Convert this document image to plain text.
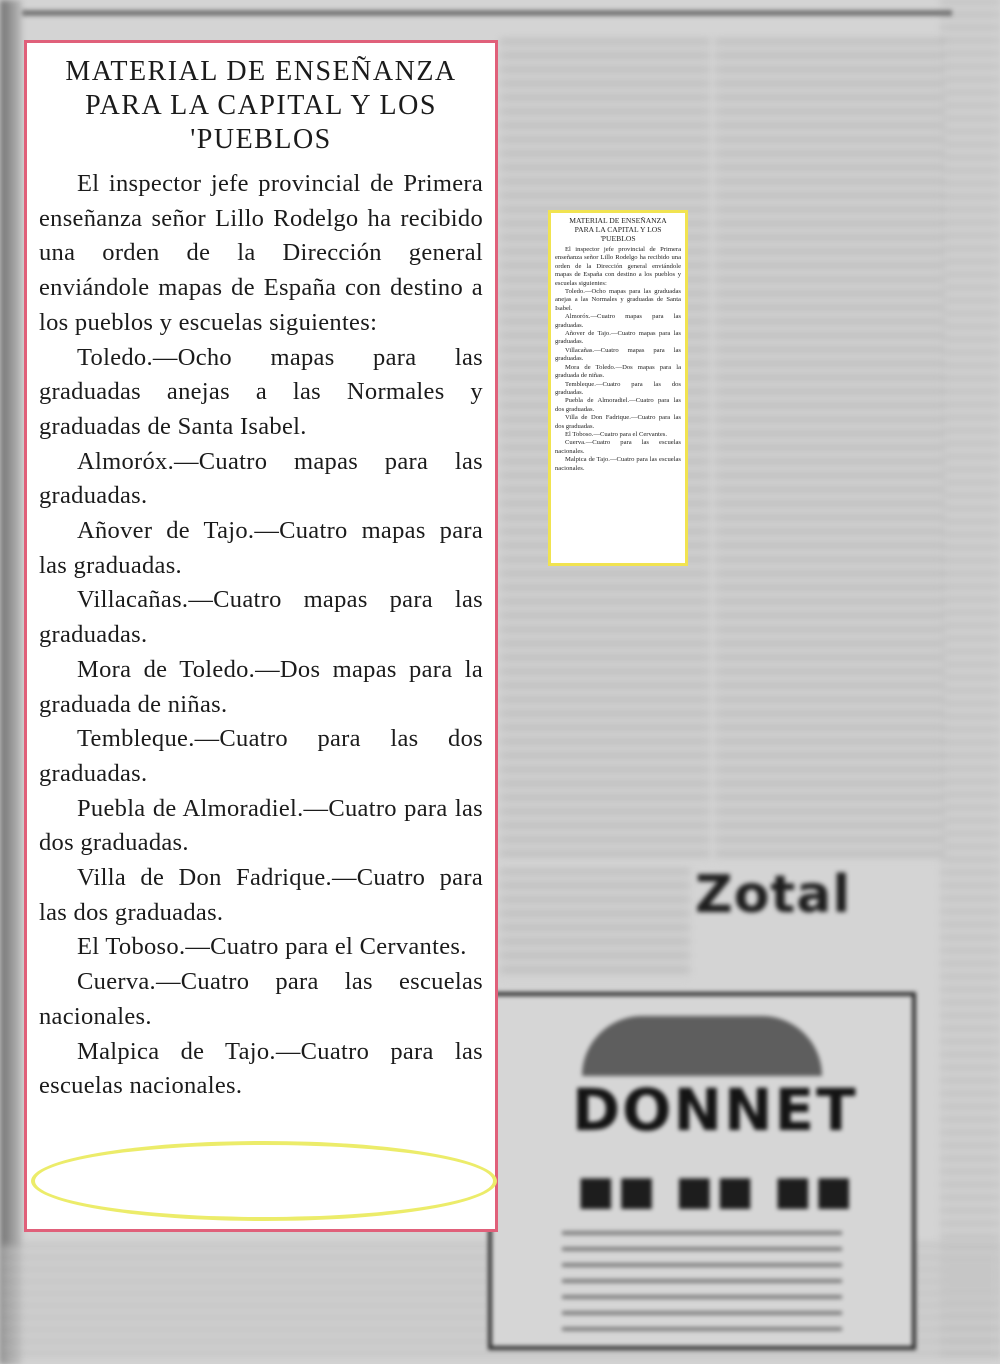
Zotal
DONNET
■■ ■■ ■■
MATERIAL DE ENSEÑANZA
PARA LA CAPITAL Y LOS
'PUEBLOS

El inspector jefe provincial de Primera enseñanza señor Lillo Rodelgo ha recibido una orden de la Dirección general enviándole mapas de España con destino a los pueblos y escuelas siguientes:

Toledo.—Ocho mapas para las graduadas anejas a las Normales y graduadas de Santa Isabel.

Almoróx.—Cuatro mapas para las graduadas.

Añover de Tajo.—Cuatro mapas para las graduadas.

Villacañas.—Cuatro mapas para las graduadas.

Mora de Toledo.—Dos mapas para la graduada de niñas.

Tembleque.—Cuatro para las dos graduadas.

Puebla de Almoradiel.—Cuatro para las dos graduadas.

Villa de Don Fadrique.—Cuatro para las dos graduadas.

El Toboso.—Cuatro para el Cervantes.

Cuerva.—Cuatro para las escuelas nacionales.

Malpica de Tajo.—Cuatro para las escuelas nacionales.

MATERIAL DE ENSEÑANZA
PARA LA CAPITAL Y LOS
'PUEBLOS

El inspector jefe provincial de Primera enseñanza señor Lillo Rodelgo ha recibido una orden de la Dirección general enviándole mapas de España con destino a los pueblos y escuelas siguientes:

Toledo.—Ocho mapas para las graduadas anejas a las Normales y graduadas de Santa Isabel.

Almoróx.—Cuatro mapas para las graduadas.

Añover de Tajo.—Cuatro mapas para las graduadas.

Villacañas.—Cuatro mapas para las graduadas.

Mora de Toledo.—Dos mapas para la graduada de niñas.

Tembleque.—Cuatro para las dos graduadas.

Puebla de Almoradiel.—Cuatro para las dos graduadas.

Villa de Don Fadrique.—Cuatro para las dos graduadas.

El Toboso.—Cuatro para el Cervantes.

Cuerva.—Cuatro para las escuelas nacionales.

Malpica de Tajo.—Cuatro para las escuelas nacionales.
